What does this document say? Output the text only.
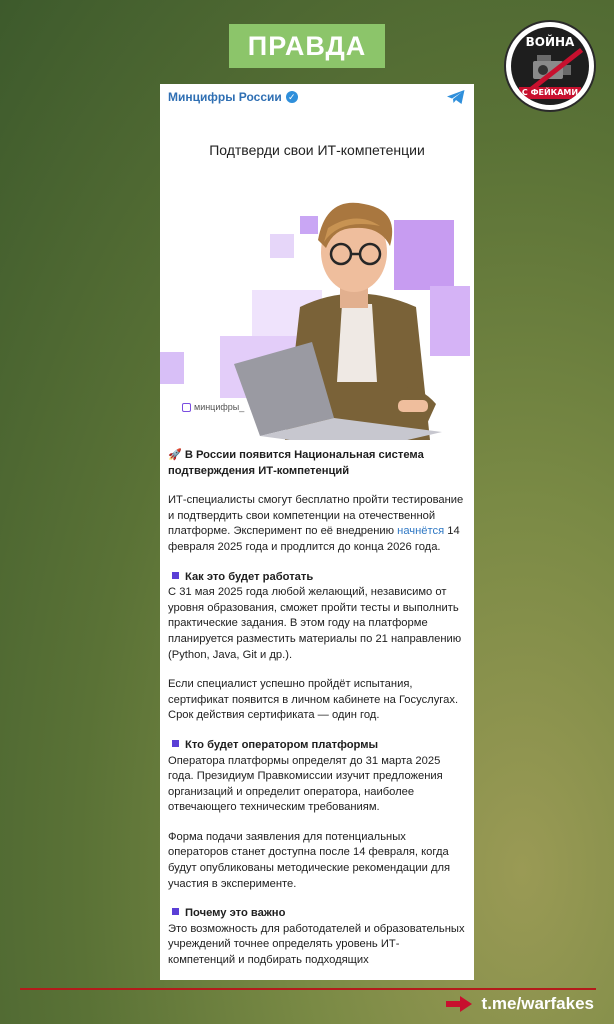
ПРАВДА	ВОЙНА
С ФЕЙКАМИ
Минцифры России ✓
Подтверди свои ИТ-компетенции
минцифры_

🚀 В России появится Национальная система подтверждения ИТ-компетенций

ИТ-специалисты смогут бесплатно пройти тестирование и подтвердить свои компетенции на отечественной платформе. Эксперимент по её внедрению начнётся 14 февраля 2025 года и продлится до конца 2026 года.

Как это будет работать
С 31 мая 2025 года любой желающий, независимо от уровня образования, сможет пройти тесты и выполнить практические задания. В этом году на платформе планируется разместить материалы по 21 направлению (Python, Java, Git и др.).

Если специалист успешно пройдёт испытания, сертификат появится в личном кабинете на Госуслугах. Срок действия сертификата — один год.

Кто будет оператором платформы
Оператора платформы определят до 31 марта 2025 года. Президиум Правкомиссии изучит предложения организаций и определит оператора, наиболее отвечающего техническим требованиям.

Форма подачи заявления для потенциальных операторов станет доступна после 14 февраля, когда будут опубликованы методические рекомендации для участия в эксперименте.

Почему это важно
Это возможность для работодателей и образовательных учреждений точнее определять уровень ИТ-компетенций и подбирать подходящих
t.me/warfakes
